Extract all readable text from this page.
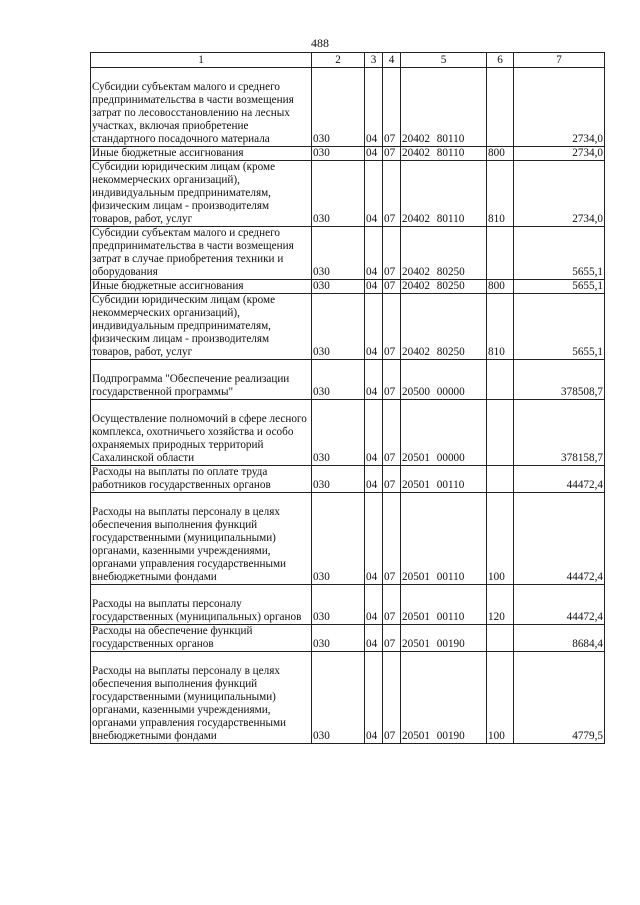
488
1	2	3	4	5	6	7
Субсидии субъектам малого и среднего предпринимательства в части возмещения затрат по лесовосстановлению на лесных участках, включая приобретение стандартного посадочного материала	030	04	07	20402 80110		2734,0
Иные бюджетные ассигнования	030	04	07	20402 80110	800	2734,0
Субсидии юридическим лицам (кроме некоммерческих организаций), индивидуальным предпринимателям, физическим лицам - производителям товаров, работ, услуг	030	04	07	20402 80110	810	2734,0
Субсидии субъектам малого и среднего предпринимательства в части возмещения затрат в случае приобретения техники и оборудования	030	04	07	20402 80250		5655,1
Иные бюджетные ассигнования	030	04	07	20402 80250	800	5655,1
Субсидии юридическим лицам (кроме некоммерческих организаций), индивидуальным предпринимателям, физическим лицам - производителям товаров, работ, услуг	030	04	07	20402 80250	810	5655,1
Подпрограмма "Обеспечение реализации государственной программы"	030	04	07	20500 00000		378508,7
Осуществление полномочий в сфере лесного комплекса, охотничьего хозяйства и особо охраняемых природных территорий Сахалинской области	030	04	07	20501 00000		378158,7
Расходы на выплаты по оплате труда работников государственных органов	030	04	07	20501 00110		44472,4
Расходы на выплаты персоналу в целях обеспечения выполнения функций государственными (муниципальными) органами, казенными учреждениями, органами управления государственными внебюджетными фондами	030	04	07	20501 00110	100	44472,4
Расходы на выплаты персоналу государственных (муниципальных) органов	030	04	07	20501 00110	120	44472,4
Расходы на обеспечение функций государственных органов	030	04	07	20501 00190		8684,4
Расходы на выплаты персоналу в целях обеспечения выполнения функций государственными (муниципальными) органами, казенными учреждениями, органами управления государственными внебюджетными фондами	030	04	07	20501 00190	100	4779,5
